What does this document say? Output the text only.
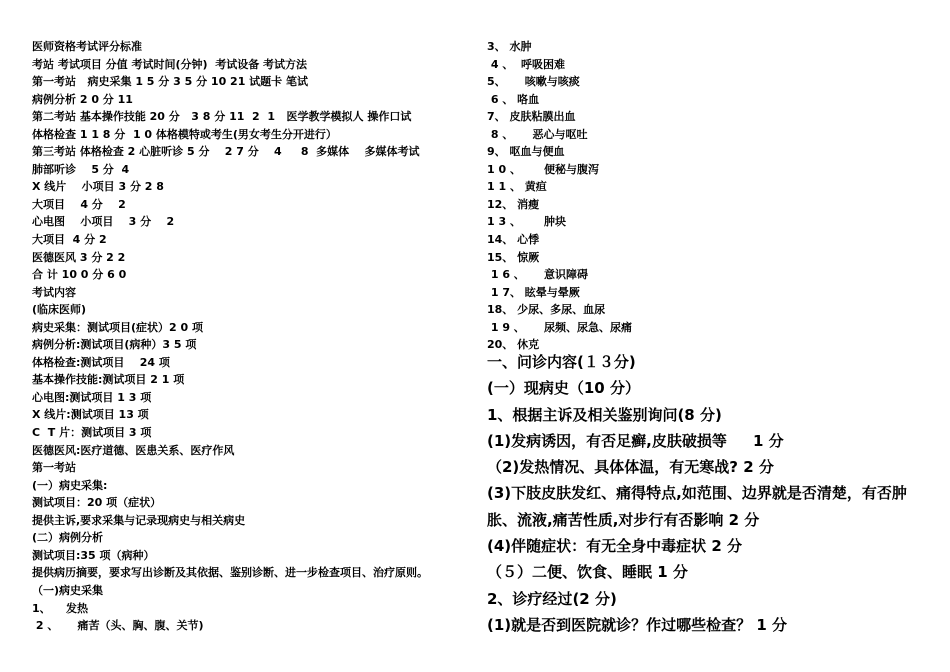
医师资格考试评分标准
考站 考试项目 分值 考试时间(分钟)  考试设备 考试方法
第一考站   病史采集 1 5 分 3 5 分 10 21 试题卡 笔试
病例分析 2 0 分 11
第二考站 基本操作技能 20 分   3 8 分 11  2  1   医学教学模拟人 操作口试
体格检查 1 1 8 分  1 0 体格模特或考生(男女考生分开进行）
第三考站 体格检查 2 心脏听诊 5 分    2 7 分    4     8  多媒体    多媒体考试
肺部听诊    5 分  4
X 线片    小项目 3 分 2 8
大项目    4 分    2
心电图    小项目    3 分    2
大项目  4 分 2
医德医风 3 分 2 2
合 计 10 0 分 6 0
考试内容
(临床医师)
病史采集：测试项目(症状）2 0 项
病例分析:测试项目(病种）3 5 项
体格检查:测试项目    24 项
基本操作技能:测试项目 2 1 项
心电图:测试项目 1 3 项
X 线片:测试项目 13 项
C  T 片：测试项目 3 项
医德医风:医疗道德、医患关系、医疗作风
第一考站
(一）病史采集:
测试项目：20 项（症状）
提供主诉,要求采集与记录现病史与相关病史
(二）病例分析
测试项目:35 项（病种）
提供病历摘要，要求写出诊断及其依据、鉴别诊断、进一步检查项目、治疗原则。
（一)病史采集
1、    发热
2 、     痛苦（头、胸、腹、关节)
3、 水肿
4 、  呼吸困难
5、     咳嗽与咳痰
6 、 咯血
7、 皮肤粘膜出血
8 、     恶心与呕吐
9、 呕血与便血
1 0 、      便秘与腹泻
1 1 、 黄疸
12、 消瘦
1 3 、      肿块
14、 心悸
15、 惊厥
1 6 、     意识障碍
1 7、 眩晕与晕厥
18、 少尿、多尿、血尿
1 9 、     尿频、尿急、尿痛
20、 休克
一、问诊内容(１３分)
(一）现病史（10 分）
1、根据主诉及相关鉴别询问(8 分)
(1)发病诱因，有否足癣,皮肤破损等     1 分
（2)发热情况、具体体温，有无寒战? 2 分
(3)下肢皮肤发红、痛得特点,如范围、边界就是否清楚，有否肿胀、流液,痛苦性质,对步行有否影响 2 分
(4)伴随症状：有无全身中毒症状 2 分
（５）二便、饮食、睡眠 1 分
2、诊疗经过(2 分)
(1)就是否到医院就诊？作过哪些检查？ 1 分
